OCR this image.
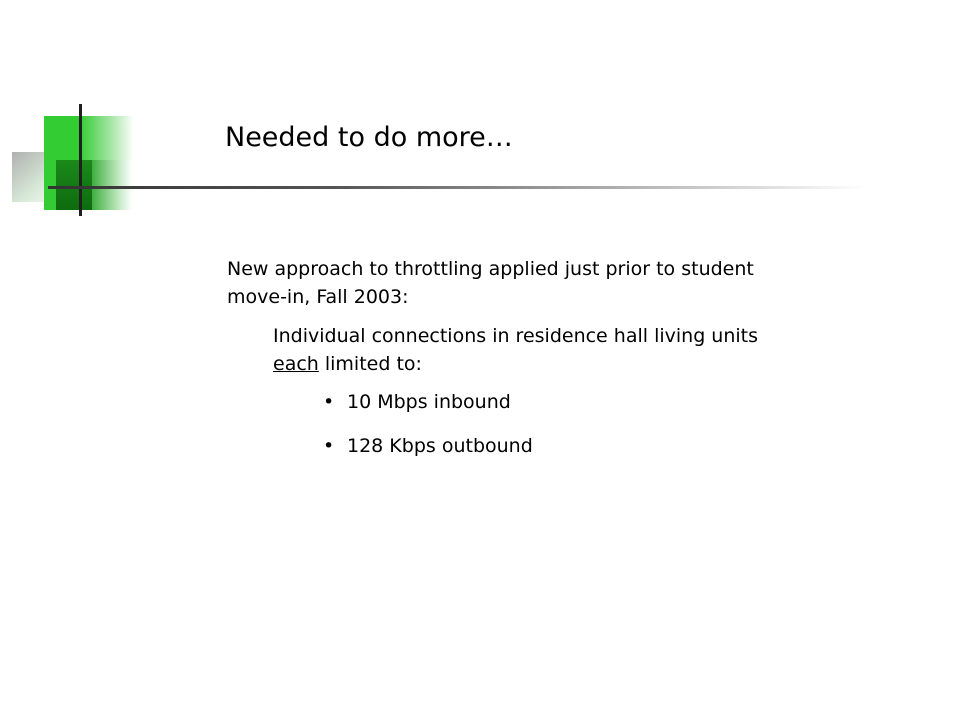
Needed to do more…

New approach to throttling applied just prior to student move-in, Fall 2003:

Individual connections in residence hall living units each limited to:

• 10 Mbps inbound
• 128 Kbps outbound
